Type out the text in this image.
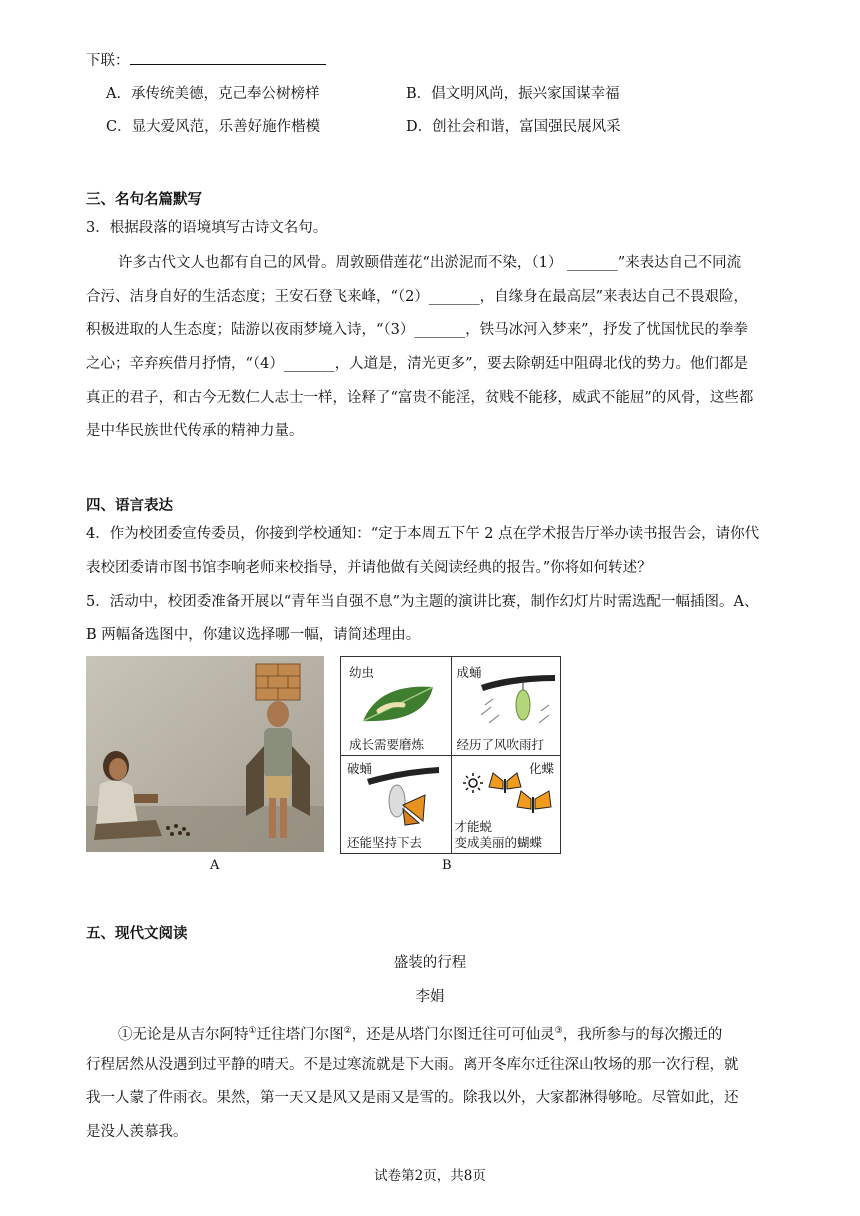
下联：
A．承传统美德，克己奉公树榜样	B．倡文明风尚，振兴家国谋幸福
C．显大爱风范，乐善好施作楷模	D．创社会和谐，富国强民展风采
三、名句名篇默写
3．根据段落的语境填写古诗文名句。
许多古代文人也都有自己的风骨。周敦颐借莲花“出淤泥而不染，（1） _______”来表达自己不同流
合污、洁身自好的生活态度；王安石登飞来峰，“（2）_______，自缘身在最高层”来表达自己不畏艰险，
积极进取的人生态度；陆游以夜雨梦境入诗，“（3）_______，铁马冰河入梦来”，抒发了忧国忧民的拳拳
之心；辛弃疾借月抒情，“（4）_______，人道是，清光更多”，要去除朝廷中阻碍北伐的势力。他们都是
真正的君子，和古今无数仁人志士一样，诠释了“富贵不能淫，贫贱不能移，威武不能屈”的风骨，这些都
是中华民族世代传承的精神力量。
四、语言表达
4．作为校团委宣传委员，你接到学校通知：“定于本周五下午 2 点在学术报告厅举办读书报告会，请你代
表校团委请市图书馆李响老师来校指导，并请他做有关阅读经典的报告。”你将如何转述？
5．活动中，校团委准备开展以“青年当自强不息”为主题的演讲比赛，制作幻灯片时需选配一幅插图。A、
B 两幅备选图中，你建议选择哪一幅，请简述理由。
A
幼虫
成长需要磨炼
成蛹
经历了风吹雨打
破蛹
还能坚持下去
化蝶
才能蜕
变成美丽的蝴蝶
B
五、现代文阅读
盛装的行程
李娟
①无论是从吉尔阿特①迁往塔门尔图②，还是从塔门尔图迁往可可仙灵③，我所参与的每次搬迁的
行程居然从没遇到过平静的晴天。不是过寒流就是下大雨。离开冬库尔迁往深山牧场的那一次行程，就
我一人蒙了件雨衣。果然，第一天又是风又是雨又是雪的。除我以外，大家都淋得够呛。尽管如此，还
是没人羡慕我。
试卷第2页，共8页
